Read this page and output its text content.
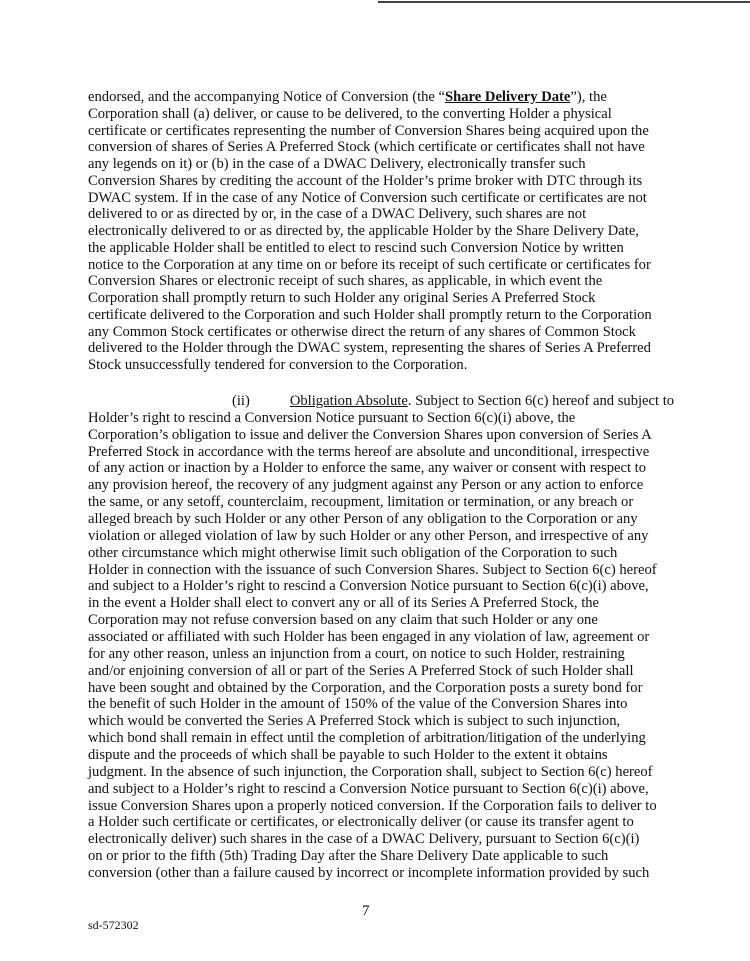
endorsed, and the accompanying Notice of Conversion (the “Share Delivery Date”), the
Corporation shall (a) deliver, or cause to be delivered, to the converting Holder a physical
certificate or certificates representing the number of Conversion Shares being acquired upon the
conversion of shares of Series A Preferred Stock (which certificate or certificates shall not have
any legends on it) or (b) in the case of a DWAC Delivery, electronically transfer such
Conversion Shares by crediting the account of the Holder’s prime broker with DTC through its
DWAC system. If in the case of any Notice of Conversion such certificate or certificates are not
delivered to or as directed by or, in the case of a DWAC Delivery, such shares are not
electronically delivered to or as directed by, the applicable Holder by the Share Delivery Date,
the applicable Holder shall be entitled to elect to rescind such Conversion Notice by written
notice to the Corporation at any time on or before its receipt of such certificate or certificates for
Conversion Shares or electronic receipt of such shares, as applicable, in which event the
Corporation shall promptly return to such Holder any original Series A Preferred Stock
certificate delivered to the Corporation and such Holder shall promptly return to the Corporation
any Common Stock certificates or otherwise direct the return of any shares of Common Stock
delivered to the Holder through the DWAC system, representing the shares of Series A Preferred
Stock unsuccessfully tendered for conversion to the Corporation.
(ii)	Obligation Absolute. Subject to Section 6(c) hereof and subject to
Holder’s right to rescind a Conversion Notice pursuant to Section 6(c)(i) above, the
Corporation’s obligation to issue and deliver the Conversion Shares upon conversion of Series A
Preferred Stock in accordance with the terms hereof are absolute and unconditional, irrespective
of any action or inaction by a Holder to enforce the same, any waiver or consent with respect to
any provision hereof, the recovery of any judgment against any Person or any action to enforce
the same, or any setoff, counterclaim, recoupment, limitation or termination, or any breach or
alleged breach by such Holder or any other Person of any obligation to the Corporation or any
violation or alleged violation of law by such Holder or any other Person, and irrespective of any
other circumstance which might otherwise limit such obligation of the Corporation to such
Holder in connection with the issuance of such Conversion Shares. Subject to Section 6(c) hereof
and subject to a Holder’s right to rescind a Conversion Notice pursuant to Section 6(c)(i) above,
in the event a Holder shall elect to convert any or all of its Series A Preferred Stock, the
Corporation may not refuse conversion based on any claim that such Holder or any one
associated or affiliated with such Holder has been engaged in any violation of law, agreement or
for any other reason, unless an injunction from a court, on notice to such Holder, restraining
and/or enjoining conversion of all or part of the Series A Preferred Stock of such Holder shall
have been sought and obtained by the Corporation, and the Corporation posts a surety bond for
the benefit of such Holder in the amount of 150% of the value of the Conversion Shares into
which would be converted the Series A Preferred Stock which is subject to such injunction,
which bond shall remain in effect until the completion of arbitration/litigation of the underlying
dispute and the proceeds of which shall be payable to such Holder to the extent it obtains
judgment. In the absence of such injunction, the Corporation shall, subject to Section 6(c) hereof
and subject to a Holder’s right to rescind a Conversion Notice pursuant to Section 6(c)(i) above,
issue Conversion Shares upon a properly noticed conversion. If the Corporation fails to deliver to
a Holder such certificate or certificates, or electronically deliver (or cause its transfer agent to
electronically deliver) such shares in the case of a DWAC Delivery, pursuant to Section 6(c)(i)
on or prior to the fifth (5th) Trading Day after the Share Delivery Date applicable to such
conversion (other than a failure caused by incorrect or incomplete information provided by such
7
sd-572302
